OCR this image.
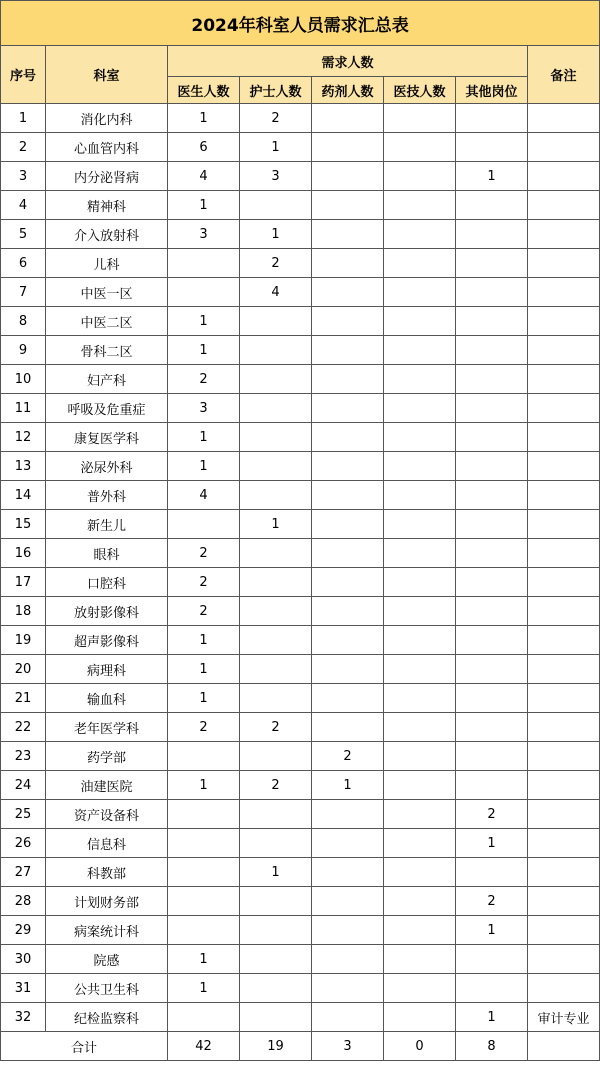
2024年科室人员需求汇总表							
序号	科室	需求人数					备注
		医生人数	护士人数	药剂人数	医技人数	其他岗位	
1	消化内科	1	2				
2	心血管内科	6	1				
3	内分泌肾病	4	3			1	
4	精神科	1					
5	介入放射科	3	1				
6	儿科		2				
7	中医一区		4				
8	中医二区	1					
9	骨科二区	1					
10	妇产科	2					
11	呼吸及危重症	3					
12	康复医学科	1					
13	泌尿外科	1					
14	普外科	4					
15	新生儿		1				
16	眼科	2					
17	口腔科	2					
18	放射影像科	2					
19	超声影像科	1					
20	病理科	1					
21	输血科	1					
22	老年医学科	2	2				
23	药学部			2			
24	油建医院	1	2	1			
25	资产设备科					2	
26	信息科					1	
27	科教部		1				
28	计划财务部					2	
29	病案统计科					1	
30	院感	1					
31	公共卫生科	1					
32	纪检监察科					1	审计专业
合计		42	19	3	0	8	
